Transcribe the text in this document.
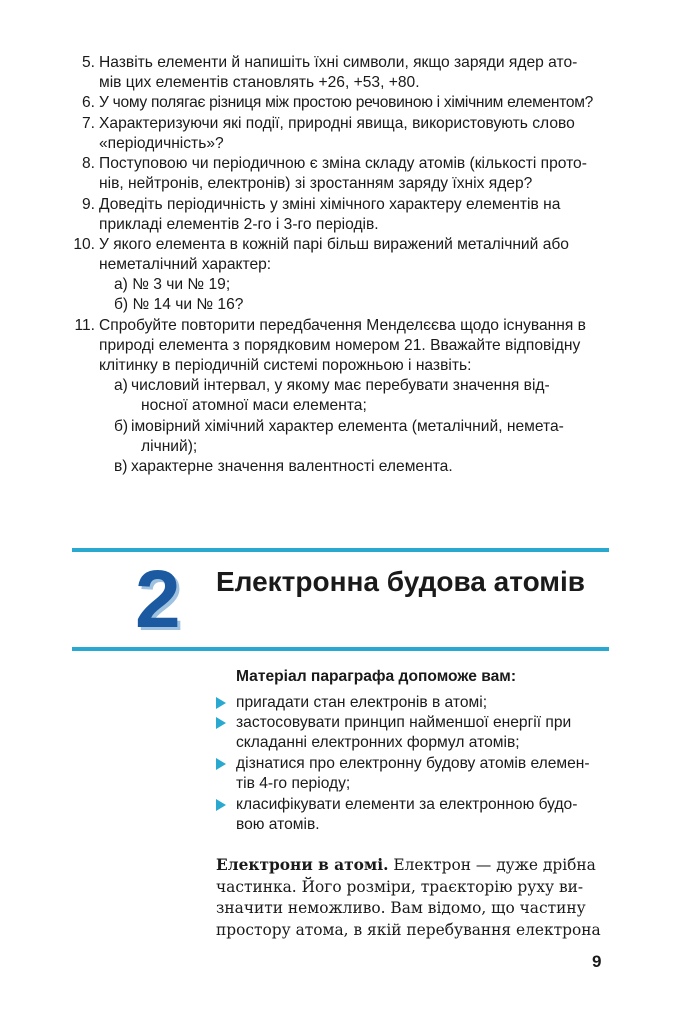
5. Назвіть елементи й напишіть їхні символи, якщо заряди ядер ато-
мів цих елементів становлять +26, +53, +80.
6. У чому полягає різниця між простою речовиною і хімічним елементом?
7. Характеризуючи які події, природні явища, використовують слово
«періодичність»?
8. Поступовою чи періодичною є зміна складу атомів (кількості прото-
нів, нейтронів, електронів) зі зростанням заряду їхніх ядер?
9. Доведіть періодичність у зміні хімічного характеру елементів на
прикладі елементів 2-го і 3-го періодів.
10. У якого елемента в кожній парі більш виражений металічний або
неметалічний характер:
а) № 3 чи № 19;
б) № 14 чи № 16?
11. Спробуйте повторити передбачення Менделєєва щодо існування в
природі елемента з порядковим номером 21. Вважайте відповідну
клітинку в періодичній системі порожньою і назвіть:
а) числовий інтервал, у якому має перебувати значення від-
носної атомної маси елемента;
б) імовірний хімічний характер елемента (металічний, немета-
лічний);
в) характерне значення валентності елемента.
2 Електронна будова атомів
Матеріал параграфа допоможе вам:
пригадати стан електронів в атомі;
застосовувати принцип найменшої енергії при
складанні електронних формул атомів;
дізнатися про електронну будову атомів елемен-
тів 4-го періоду;
класифікувати елементи за електронною будо-
вою атомів.
Електрони в атомі. Електрон — дуже дрібна
частинка. Його розміри, траєкторію руху ви-
значити неможливо. Вам відомо, що частину
простору атома, в якій перебування електрона
9
